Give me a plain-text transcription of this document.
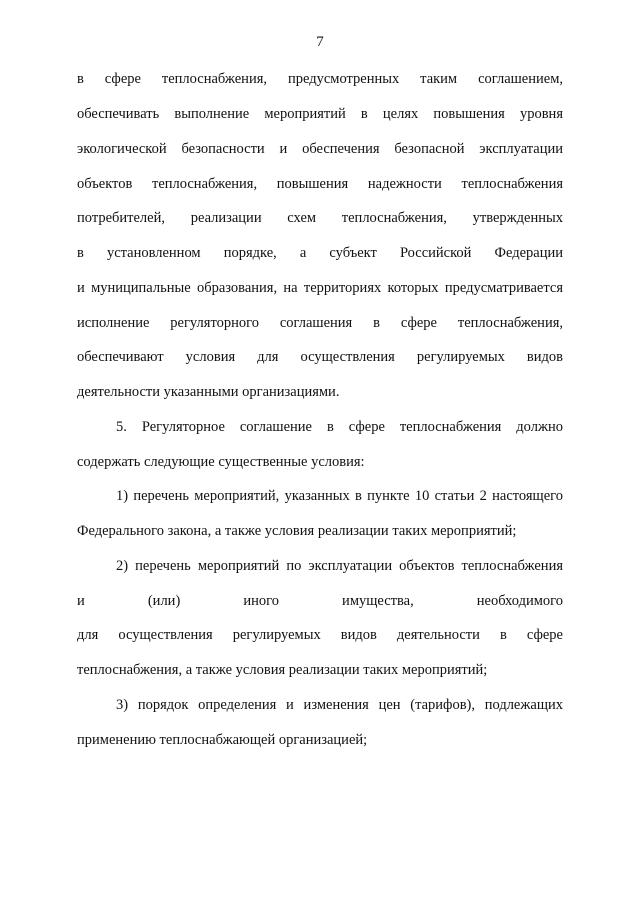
7
в сфере теплоснабжения, предусмотренных таким соглашением,
обеспечивать выполнение мероприятий в целях повышения уровня
экологической безопасности и обеспечения безопасной эксплуатации
объектов теплоснабжения, повышения надежности теплоснабжения
потребителей, реализации схем теплоснабжения, утвержденных
в установленном порядке, а субъект Российской Федерации
и муниципальные образования, на территориях которых предусматривается
исполнение регуляторного соглашения в сфере теплоснабжения,
обеспечивают условия для осуществления регулируемых видов
деятельности указанными организациями.
5. Регуляторное соглашение в сфере теплоснабжения должно
содержать следующие существенные условия:
1) перечень мероприятий, указанных в пункте 10 статьи 2 настоящего
Федерального закона, а также условия реализации таких мероприятий;
2) перечень мероприятий по эксплуатации объектов теплоснабжения
и (или) иного имущества, необходимого
для осуществления регулируемых видов деятельности в сфере
теплоснабжения, а также условия реализации таких мероприятий;
3) порядок определения и изменения цен (тарифов), подлежащих
применению теплоснабжающей организацией;
